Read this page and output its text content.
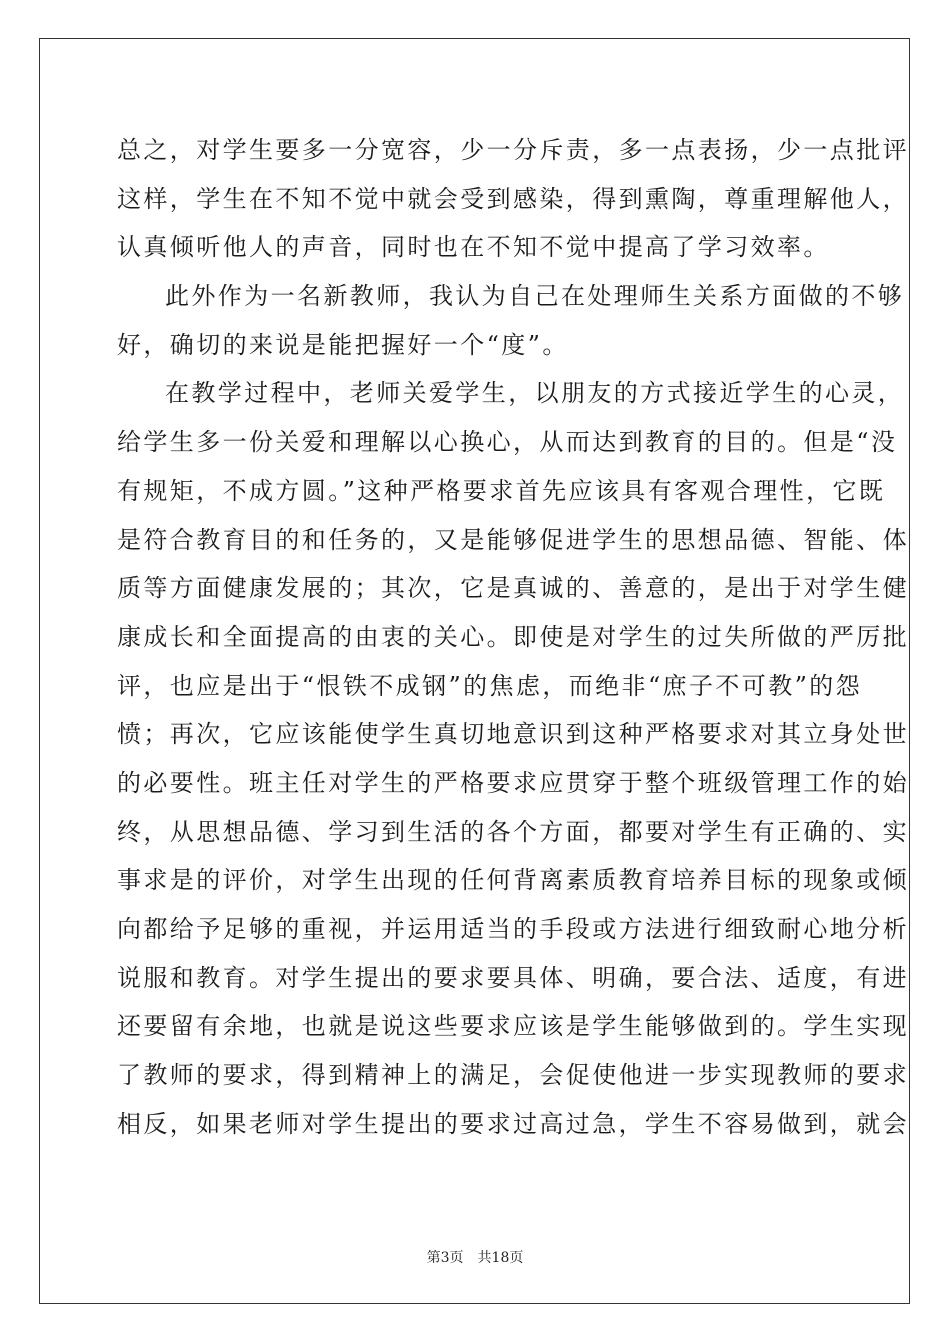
总之，对学生要多一分宽容，少一分斥责，多一点表扬，少一点批评
这样，学生在不知不觉中就会受到感染，得到熏陶，尊重理解他人，
认真倾听他人的声音，同时也在不知不觉中提高了学习效率。
此外作为一名新教师，我认为自己在处理师生关系方面做的不够
好，确切的来说是能把握好一个“度”。
在教学过程中，老师关爱学生，以朋友的方式接近学生的心灵，
给学生多一份关爱和理解以心换心，从而达到教育的目的。但是“没
有规矩，不成方圆。”这种严格要求首先应该具有客观合理性，它既
是符合教育目的和任务的，又是能够促进学生的思想品德、智能、体
质等方面健康发展的；其次，它是真诚的、善意的，是出于对学生健
康成长和全面提高的由衷的关心。即使是对学生的过失所做的严厉批
评，也应是出于“恨铁不成钢”的焦虑，而绝非“庶子不可教”的怨
愤；再次，它应该能使学生真切地意识到这种严格要求对其立身处世
的必要性。班主任对学生的严格要求应贯穿于整个班级管理工作的始
终，从思想品德、学习到生活的各个方面，都要对学生有正确的、实
事求是的评价，对学生出现的任何背离素质教育培养目标的现象或倾
向都给予足够的重视，并运用适当的手段或方法进行细致耐心地分析
说服和教育。对学生提出的要求要具体、明确，要合法、适度，有进
还要留有余地，也就是说这些要求应该是学生能够做到的。学生实现
了教师的要求，得到精神上的满足，会促使他进一步实现教师的要求
相反，如果老师对学生提出的要求过高过急，学生不容易做到，就会
第3页 共18页
